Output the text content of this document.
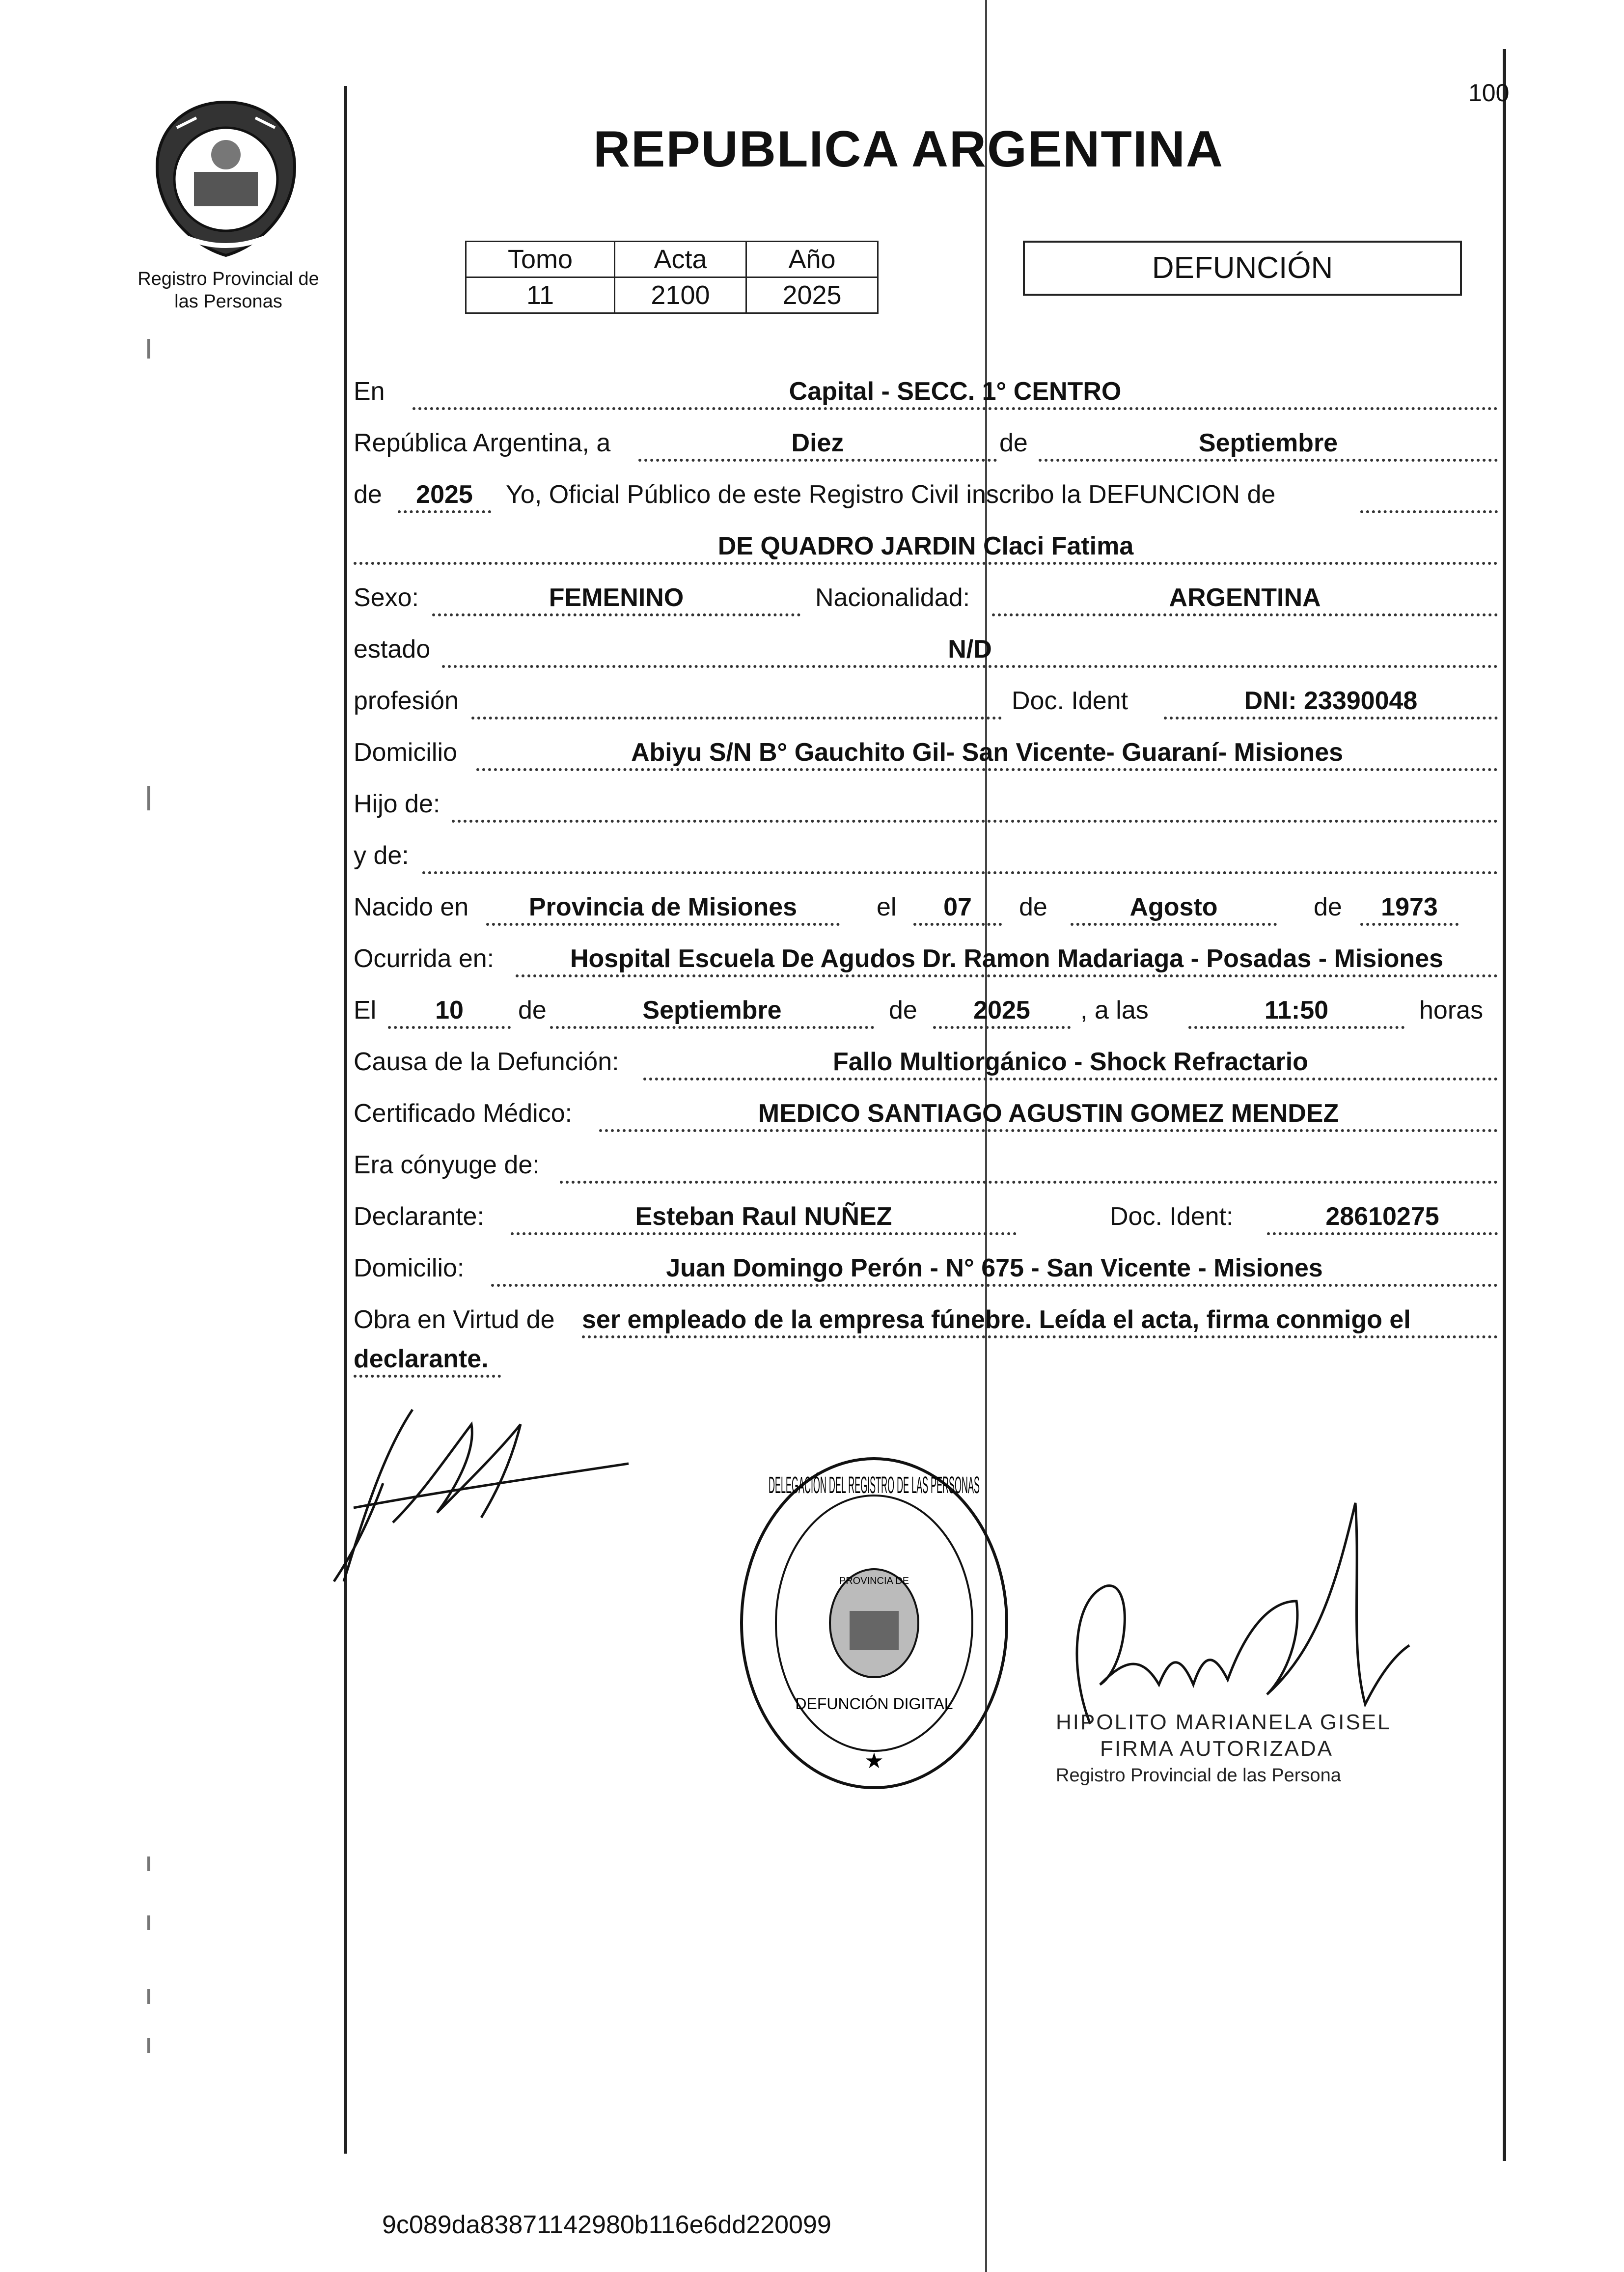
Registro Provincial de
las Personas
100
REPUBLICA ARGENTINA
Tomo	Acta	Año
11	2100	2025
DEFUNCIÓN
En	Capital - SECC. 1° CENTRO
República Argentina, a	Diez	de	Septiembre
de	2025	Yo, Oficial Público de este Registro Civil inscribo la DEFUNCION de
DE QUADRO JARDIN Claci Fatima
Sexo:	FEMENINO	Nacionalidad:	ARGENTINA
estado	N/D
profesión	Doc. Ident	DNI: 23390048
Domicilio	Abiyu S/N B° Gauchito Gil- San Vicente- Guaraní- Misiones
Hijo de:
y de:
Nacido en	Provincia de Misiones	el	07	de	Agosto	de	1973
Ocurrida en:	Hospital Escuela De Agudos Dr. Ramon Madariaga - Posadas - Misiones
El	10	de	Septiembre	de	2025	, a las	11:50	horas
Causa de la Defunción:	Fallo Multiorgánico - Shock Refractario
Certificado Médico:	MEDICO SANTIAGO AGUSTIN GOMEZ MENDEZ
Era cónyuge de:
Declarante:	Esteban Raul NUÑEZ	Doc. Ident:	28610275
Domicilio:	Juan Domingo Perón - N° 675 - San Vicente - Misiones
Obra en Virtud de ser empleado de la empresa fúnebre. Leída el acta, firma conmigo el
declarante.
DELEGACIÓN DEL REGISTRO DE LAS PERSONAS
DEFUNCIÓN DIGITAL
PROVINCIA DE
★
HIPOLITO MARIANELA GISEL
FIRMA AUTORIZADA
Registro Provincial de las Persona
9c089da83871142980b116e6dd220099
